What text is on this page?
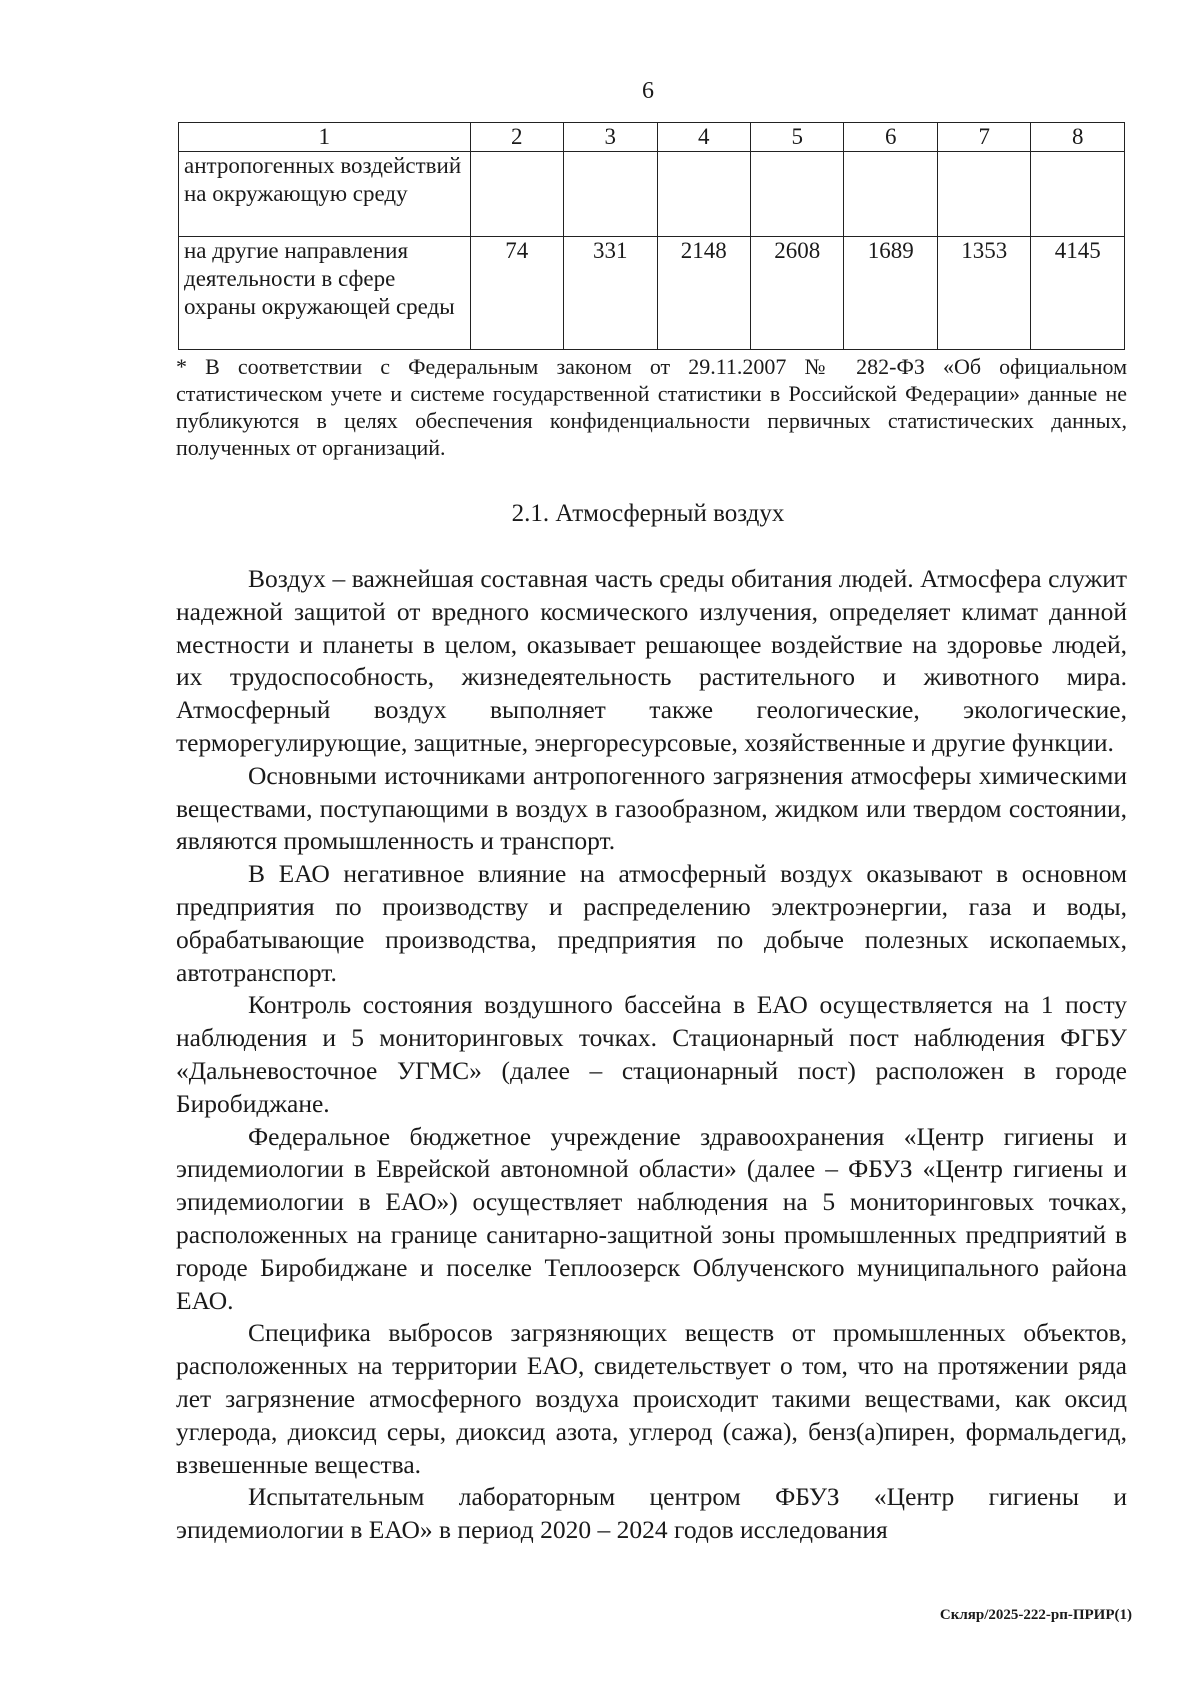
6
1	2	3	4	5	6	7	8
антропогенных воздействий на окружающую среду							
на другие направления деятельности в сфере охраны окружающей среды	74	331	2148	2608	1689	1353	4145
* В соответствии с Федеральным законом от 29.11.2007 № 282-ФЗ «Об официальном статистическом учете и системе государственной статистики в Российской Федерации» данные не публикуются в целях обеспечения конфиденциальности первичных статистических данных, полученных от организаций.
2.1. Атмосферный воздух

Воздух – важнейшая составная часть среды обитания людей. Атмосфера служит надежной защитой от вредного космического излучения, определяет климат данной местности и планеты в целом, оказывает решающее воздействие на здоровье людей, их трудоспособность, жизнедеятельность растительного и животного мира. Атмосферный воздух выполняет также геологические, экологические, терморегулирующие, защитные, энергоресурсовые, хозяйственные и другие функции.

Основными источниками антропогенного загрязнения атмосферы химическими веществами, поступающими в воздух в газообразном, жидком или твердом состоянии, являются промышленность и транспорт.

В ЕАО негативное влияние на атмосферный воздух оказывают в основном предприятия по производству и распределению электроэнергии, газа и воды, обрабатывающие производства, предприятия по добыче полезных ископаемых, автотранспорт.

Контроль состояния воздушного бассейна в ЕАО осуществляется на 1 посту наблюдения и 5 мониторинговых точках. Стационарный пост наблюдения ФГБУ «Дальневосточное УГМС» (далее – стационарный пост) расположен в городе Биробиджане.

Федеральное бюджетное учреждение здравоохранения «Центр гигиены и эпидемиологии в Еврейской автономной области» (далее – ФБУЗ «Центр гигиены и эпидемиологии в ЕАО») осуществляет наблюдения на 5 мониторинговых точках, расположенных на границе санитарно-защитной зоны промышленных предприятий в городе Биробиджане и поселке Теплоозерск Облученского муниципального района ЕАО.

Специфика выбросов загрязняющих веществ от промышленных объектов, расположенных на территории ЕАО, свидетельствует о том, что на протяжении ряда лет загрязнение атмосферного воздуха происходит такими веществами, как оксид углерода, диоксид серы, диоксид азота, углерод (сажа), бенз(а)пирен, формальдегид, взвешенные вещества.

Испытательным лабораторным центром ФБУЗ «Центр гигиены и эпидемиологии в ЕАО» в период 2020 – 2024 годов исследования

Скляр/2025-222-рп-ПРИР(1)
